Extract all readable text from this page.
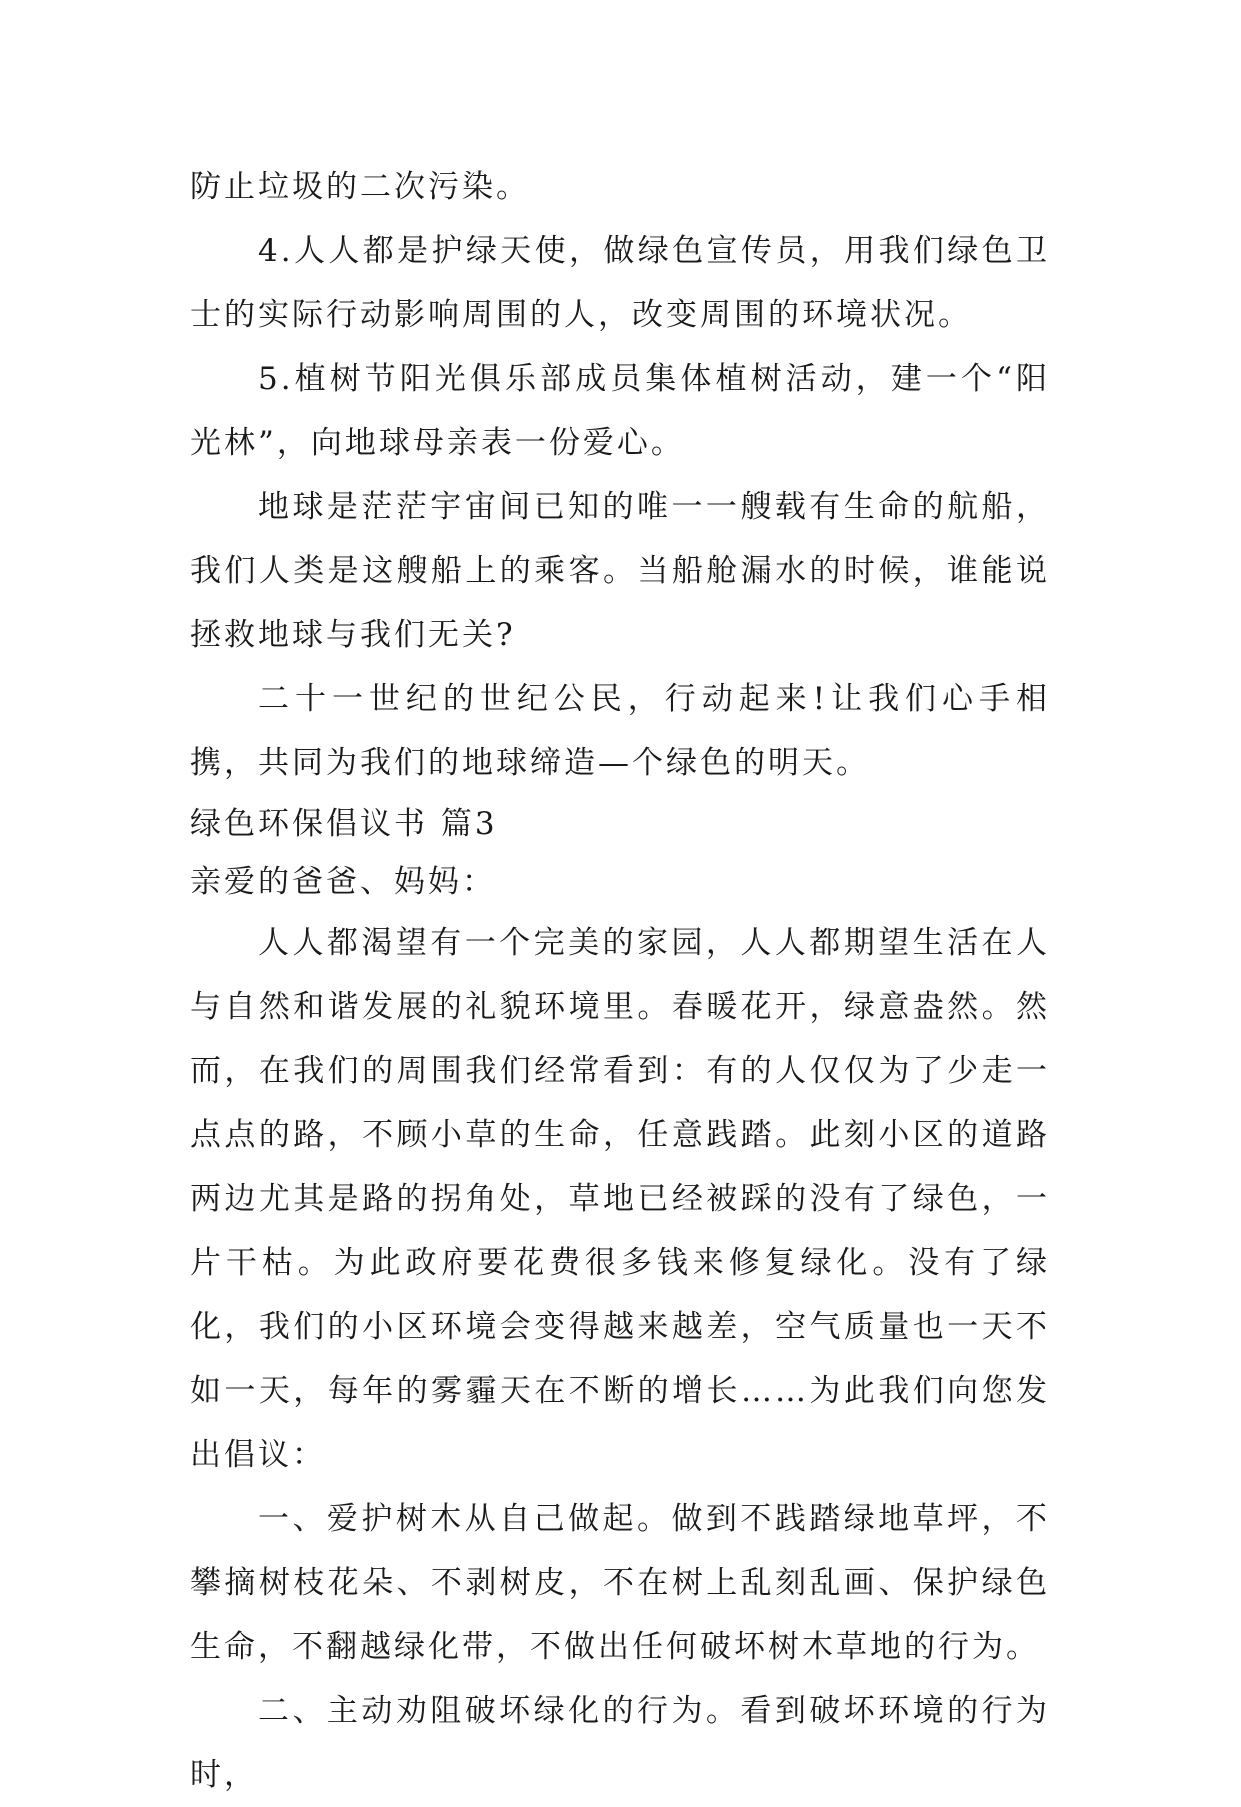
防止垃圾的二次污染。

4.人人都是护绿天使，做绿色宣传员，用我们绿色卫士的实际行动影响周围的人，改变周围的环境状况。

5.植树节阳光俱乐部成员集体植树活动，建一个“阳光林”，向地球母亲表一份爱心。

地球是茫茫宇宙间已知的唯一一艘载有生命的航船，我们人类是这艘船上的乘客。当船舱漏水的时候，谁能说拯救地球与我们无关?

二十一世纪的世纪公民，行动起来!让我们心手相携，共同为我们的地球缔造—个绿色的明天。

绿色环保倡议书 篇3

亲爱的爸爸、妈妈：

人人都渴望有一个完美的家园，人人都期望生活在人与自然和谐发展的礼貌环境里。春暖花开，绿意盎然。然而，在我们的周围我们经常看到：有的人仅仅为了少走一点点的路，不顾小草的生命，任意践踏。此刻小区的道路两边尤其是路的拐角处，草地已经被踩的没有了绿色，一片干枯。为此政府要花费很多钱来修复绿化。没有了绿化，我们的小区环境会变得越来越差，空气质量也一天不如一天，每年的雾霾天在不断的增长……为此我们向您发出倡议：

一、爱护树木从自己做起。做到不践踏绿地草坪，不攀摘树枝花朵、不剥树皮，不在树上乱刻乱画、保护绿色生命，不翻越绿化带，不做出任何破坏树木草地的行为。

二、主动劝阻破坏绿化的行为。看到破坏环境的行为时，
